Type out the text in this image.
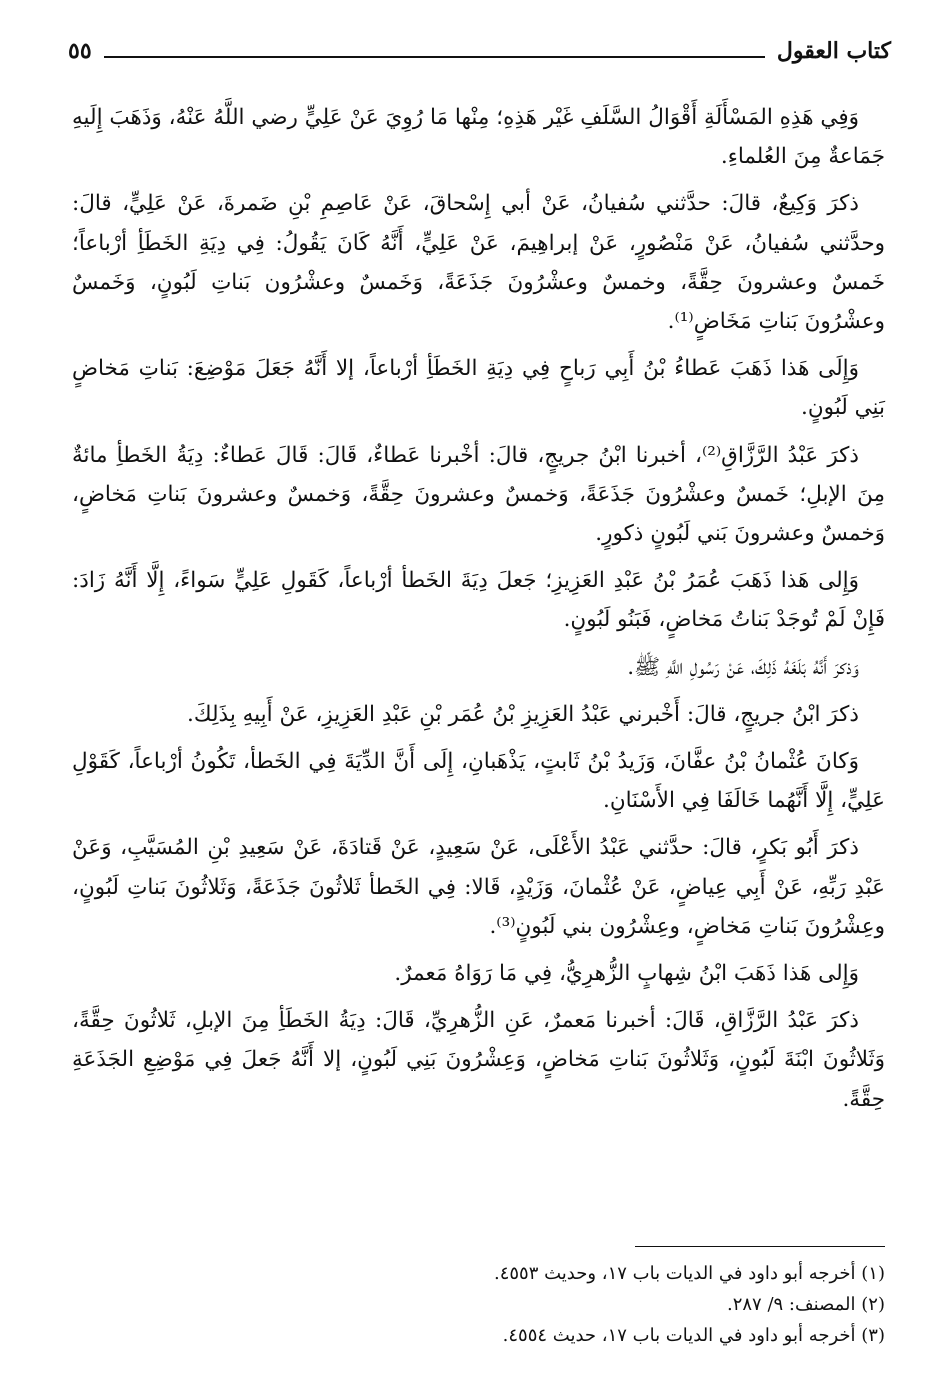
كتاب العقول
٥٥

وَفِي هَذِهِ المَسْأَلَةِ أَقْوَالُ السَّلَفِ غَيْر هَذِهِ؛ مِنْها مَا رُوِيَ عَنْ عَلِيٍّ رضي اللَّهُ عَنْهُ، وَذَهَبَ إِلَيهِ جَمَاعةٌ مِنَ العُلماءِ.

ذكرَ وَكِيعٌ، قالَ: حدَّثني سُفيانُ، عَنْ أبي إِسْحاقَ، عَنْ عَاصِمِ بْنِ ضَمرةَ، عَنْ عَلِيٍّ، قالَ: وحدَّثني سُفيانُ، عَنْ مَنْصُورٍ، عَنْ إبراهِيمَ، عَنْ عَلِيٍّ، أَنَّهُ كَانَ يَقُولُ: فِي دِيَةِ الخَطَأِ أرْباعاً؛ خَمسٌ وعشرونَ حِقَّةً، وخمسٌ وعشْرُونَ جَذَعَةً، وَخَمسٌ وعشْرُون بَناتِ لَبُونٍ، وَخَمسٌ وعشْرُونَ بَناتِ مَخَاضٍ⁽¹⁾.

وَإِلَى هَذا ذَهَبَ عَطاءُ بْنُ أَبِي رَباحٍ فِي دِيَةِ الخَطَأِ أرْباعاً، إلا أَنَّهُ جَعَلَ مَوْضِعَ: بَناتِ مَخاضٍ بَنِي لَبُونٍ.

ذكرَ عَبْدُ الرَّزَّاقِ⁽²⁾، أخبرنا ابْنُ جريجٍ، قالَ: أخْبرنا عَطاءٌ، قَالَ: قَالَ عَطاءٌ: دِيَةُ الخَطأِ مائةٌ مِنَ الإبلِ؛ خَمسٌ وعشْرُونَ جَذَعَةً، وَخمسٌ وعشرونَ حِقَّةً، وَخمسٌ وعشرونَ بَناتِ مَخاضٍ، وَخمسٌ وعشرونَ بَني لَبُونٍ ذكورٍ.

وَإِلى هَذا ذَهَبَ عُمَرُ بْنُ عَبْدِ العَزِيزِ؛ جَعلَ دِيَةَ الخَطأ أرْباعاً، كَقَولِ عَلِيٍّ سَواءً، إِلَّا أَنَّهُ زَادَ: فَإِنْ لَمْ تُوجَدْ بَناتُ مَخاضٍ، فَبَنُو لَبُونٍ.

وَذكرَ أَنَّهُ بَلَغَهُ ذَلِكَ، عَنْ رَسُولِ اللَّهِ ﷺ.

ذكرَ ابْنُ جريجٍ، قالَ: أَخْبرني عَبْدُ العَزِيزِ بْنُ عُمَر بْنِ عَبْدِ العَزِيزِ، عَنْ أَبِيهِ بِذَلِكَ.

وَكانَ عُثْمانُ بْنُ عفَّانَ، وَزَيدُ بْنُ ثَابتٍ، يَذْهَبانِ، إِلَى أَنَّ الدِّيَةَ فِي الخَطأ، تَكُونُ أرْباعاً، كَقَوْلِ عَلِيٍّ، إِلَّا أَنَّهُما خَالَفَا فِي الأَسْنَانِ.

ذكرَ أَبُو بَكرٍ، قالَ: حدَّثني عَبْدُ الأَعْلَى، عَنْ سَعِيدٍ، عَنْ قَتادَةَ، عَنْ سَعِيدِ بْنِ المُسَيَّبِ، وَعَنْ عَبْدِ رَبِّهِ، عَنْ أَبِي عِياضٍ، عَنْ عُثْمانَ، وَزَيْدٍ، قَالا: فِي الخَطأ ثَلاثُونَ جَذَعَةً، وَثَلاثُونَ بَناتِ لَبُونٍ، وعِشْرُونَ بَناتِ مَخاضٍ، وعِشْرُون بني لَبُونٍ⁽³⁾.

وَإِلى هَذا ذَهَبَ ابْنُ شِهابٍ الزُّهرِيُّ، فِي مَا رَوَاهُ مَعمرٌ.

ذكرَ عَبْدُ الرَّزَّاقِ، قَالَ: أخبرنا مَعمرٌ، عَنِ الزُّهرِيِّ، قَالَ: دِيَةُ الخَطَأِ مِنَ الإبلِ، ثَلاثُونَ حِقَّةً، وَثَلاثُونَ ابْنَةَ لَبُونٍ، وَثَلاثُونَ بَناتِ مَخاضٍ، وَعِشْرُونَ بَنِي لَبُونٍ، إلا أَنَّهُ جَعلَ فِي مَوْضِعِ الجَذَعَةِ حِقَّةً.

(١) أخرجه أبو داود في الديات باب ١٧، وحديث ٤٥٥٣.

(٢) المصنف: ٩/ ٢٨٧.

(٣) أخرجه أبو داود في الديات باب ١٧، حديث ٤٥٥٤.
